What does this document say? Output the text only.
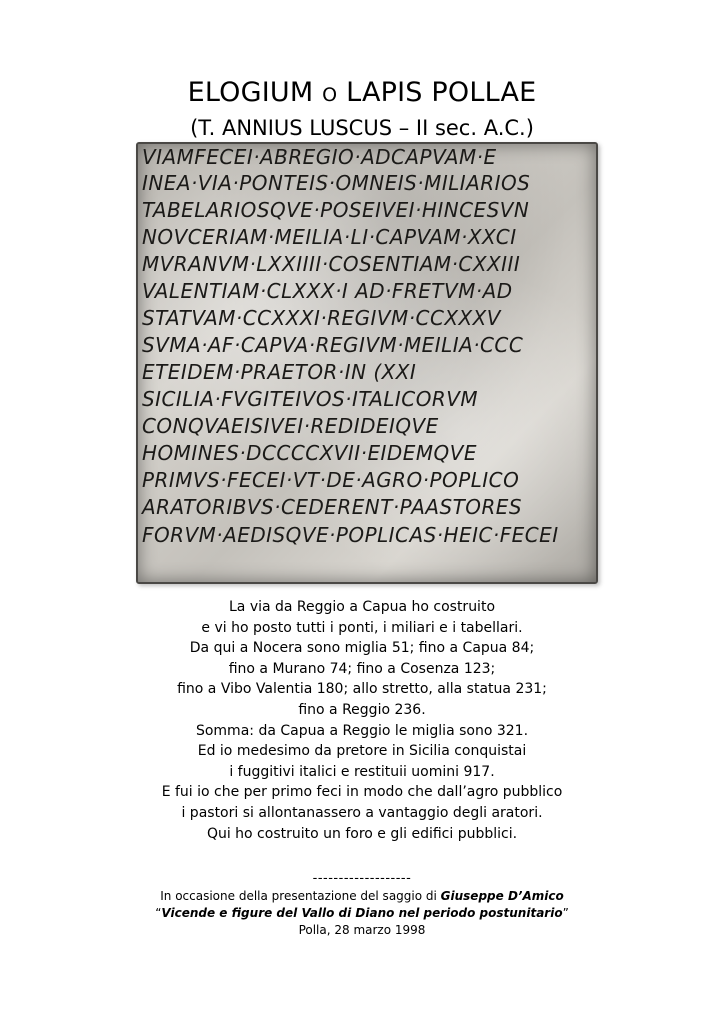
ELOGIUM O LAPIS POLLAE
(T. ANNIUS LUSCUS – II sec. A.C.)
VIAMFECEI·ABREGIO·ADCAPVAM·E
INEA·VIA·PONTEIS·OMNEIS·MILIARIOS
TABELARIOSQVE·POSEIVEI·HINCESVN
NOVCERIAM·MEILIA·LI·CAPVAM·XXCI
MVRANVM·LXXIIII·COSENTIAM·CXXIII
VALENTIAM·CLXXX·I AD·FRETVM·AD
STATVAM·CCXXXI·REGIVM·CCXXXV
SVMA·AF·CAPVA·REGIVM·MEILIA·CCC
ETEIDEM·PRAETOR·IN (XXI
SICILIA·FVGITEIVOS·ITALICORVM
CONQVAEISIVEI·REDIDEIQVE
HOMINES·DCCCCXVII·EIDEMQVE
PRIMVS·FECEI·VT·DE·AGRO·POPLICO
ARATORIBVS·CEDERENT·PAASTORES
FORVM·AEDISQVE·POPLICAS·HEIC·FECEI
La via da Reggio a Capua ho costruito
e vi ho posto tutti i ponti, i miliari e i tabellari.
Da qui a Nocera sono miglia 51; fino a Capua 84;
fino a Murano 74; fino a Cosenza 123;
fino a Vibo Valentia 180; allo stretto, alla statua 231;
fino a Reggio 236.
Somma: da Capua a Reggio le miglia sono 321.
Ed io medesimo da pretore in Sicilia conquistai
i fuggitivi italici e restituii uomini 917.
E fui io che per primo feci in modo che dall’agro pubblico
i pastori si allontanassero a vantaggio degli aratori.
Qui ho costruito un foro e gli edifici pubblici.
-------------------
In occasione della presentazione del saggio di Giuseppe D’Amico
“Vicende e figure del Vallo di Diano nel periodo postunitario”
Polla, 28 marzo 1998
